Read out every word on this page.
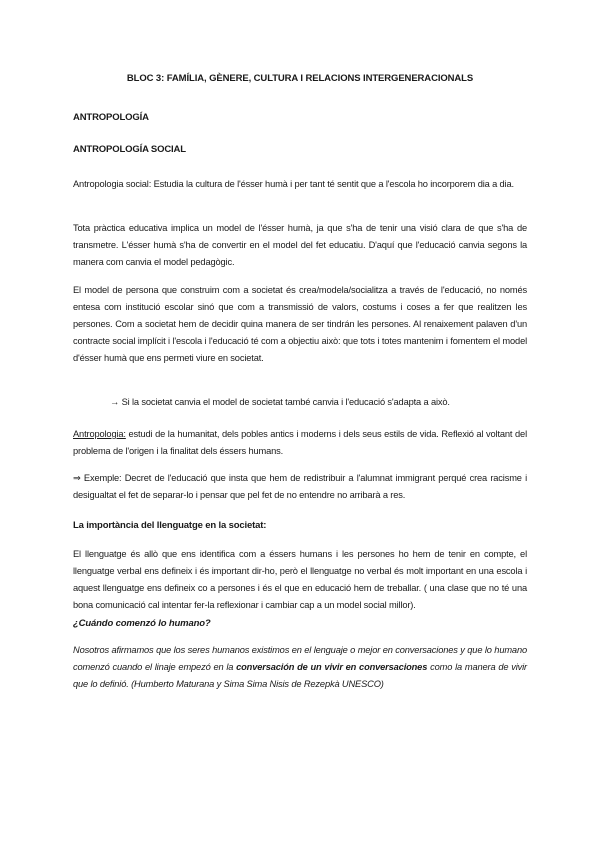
BLOC 3: FAMÍLIA, GÈNERE, CULTURA I RELACIONS INTERGENERACIONALS
ANTROPOLOGÍA
ANTROPOLOGÍA SOCIAL
Antropologia social: Estudia la cultura de l'ésser humà i per tant té sentit que a l'escola ho incorporem dia a dia.
Tota pràctica educativa implica un model de l'ésser humà, ja que s'ha de tenir una visió clara de que s'ha de transmetre. L'ésser humà s'ha de convertir en el model del fet educatiu. D'aquí que l'educació canvia segons la manera com canvia el model pedagògic.
El model de persona que construim com a societat és crea/modela/socialitza a través de l'educació, no només entesa com institució escolar sinó que com a transmissió de valors, costums i coses a fer que realitzen les persones. Com a societat hem de decidir quina manera de ser tindrán les persones. Al renaixement palaven d'un contracte social implícit i l'escola i l'educació té com a objectiu això: que tots i totes mantenim i fomentem el model d'ésser humà que ens permeti viure en societat.
→ Si la societat canvia el model de societat també canvia i l'educació s'adapta a això.
Antropologia: estudi de la humanitat, dels pobles antics i moderns i dels seus estils de vida. Reflexió al voltant del problema de l'origen i la finalitat dels éssers humans.
⇒ Exemple: Decret de l'educació que insta que hem de redistribuir a l'alumnat immigrant perqué crea racisme i desigualtat el fet de separar-lo i pensar que pel fet de no entendre no arribarà a res.
La importància del llenguatge en la societat:
El llenguatge és allò que ens identifica com a éssers humans i les persones ho hem de tenir en compte, el llenguatge verbal ens defineix i és important dir-ho, però el llenguatge no verbal és molt important en una escola i aquest llenguatge ens defineix co a persones i és el que en educació hem de treballar. ( una clase que no té una bona comunicació cal intentar fer-la reflexionar i cambiar cap a un model social millor).
¿Cuándo comenzó lo humano?
Nosotros afirmamos que los seres humanos existimos en el lenguaje o mejor en conversaciones y que lo humano comenzó cuando el linaje empezó en la conversación de un vivir en conversaciones como la manera de vivir que lo definió. (Humberto Maturana y Sima Sima Nisis de Rezepkà UNESCO)
